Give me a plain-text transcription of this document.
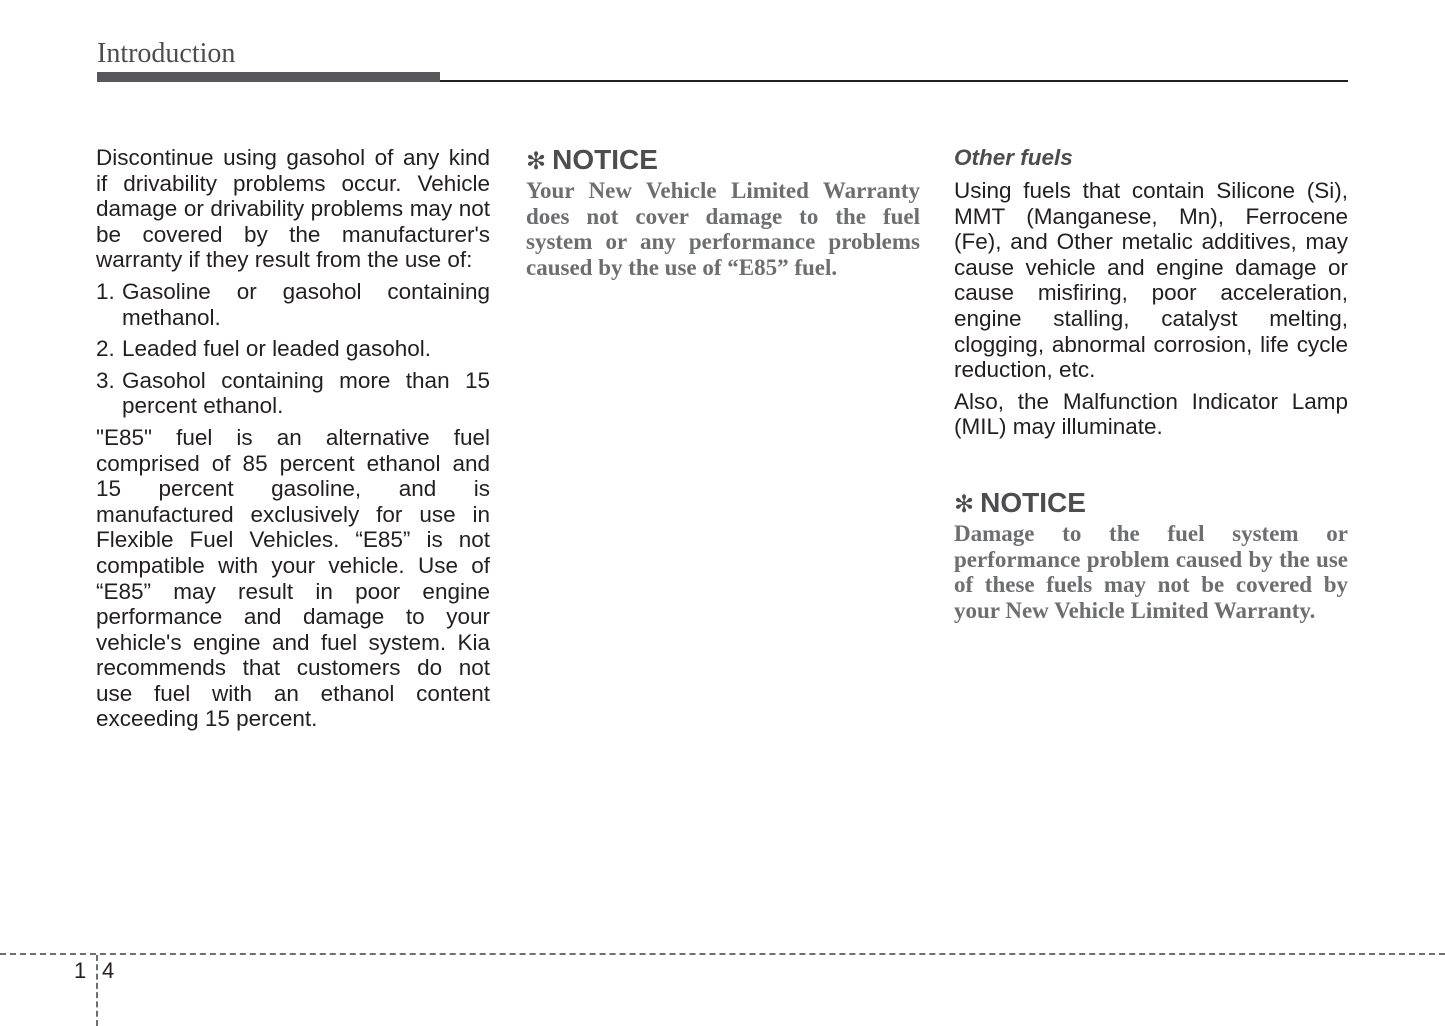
Introduction

Discontinue using gasohol of any kind if drivability problems occur. Vehicle damage or drivability problems may not be covered by the manufacturer's warranty if they result from the use of:

1. Gasoline or gasohol containing methanol.
2. Leaded fuel or leaded gasohol.
3. Gasohol containing more than 15 percent ethanol.

"E85" fuel is an alternative fuel comprised of 85 percent ethanol and 15 percent gasoline, and is manufactured exclusively for use in Flexible Fuel Vehicles. “E85” is not compatible with your vehicle. Use of “E85” may result in poor engine performance and damage to your vehicle's engine and fuel system. Kia recommends that customers do not use fuel with an ethanol content exceeding 15 percent.

✻ NOTICE

Your New Vehicle Limited Warranty does not cover damage to the fuel system or any performance problems caused by the use of “E85” fuel.

Other fuels

Using fuels that contain Silicone (Si), MMT (Manganese, Mn), Ferrocene (Fe), and Other metalic additives, may cause vehicle and engine damage or cause misfiring, poor acceleration, engine stalling, catalyst melting, clogging, abnormal corrosion, life cycle reduction, etc.

Also, the Malfunction Indicator Lamp (MIL) may illuminate.

✻ NOTICE

Damage to the fuel system or performance problem caused by the use of these fuels may not be covered by your New Vehicle Limited Warranty.

1 4
